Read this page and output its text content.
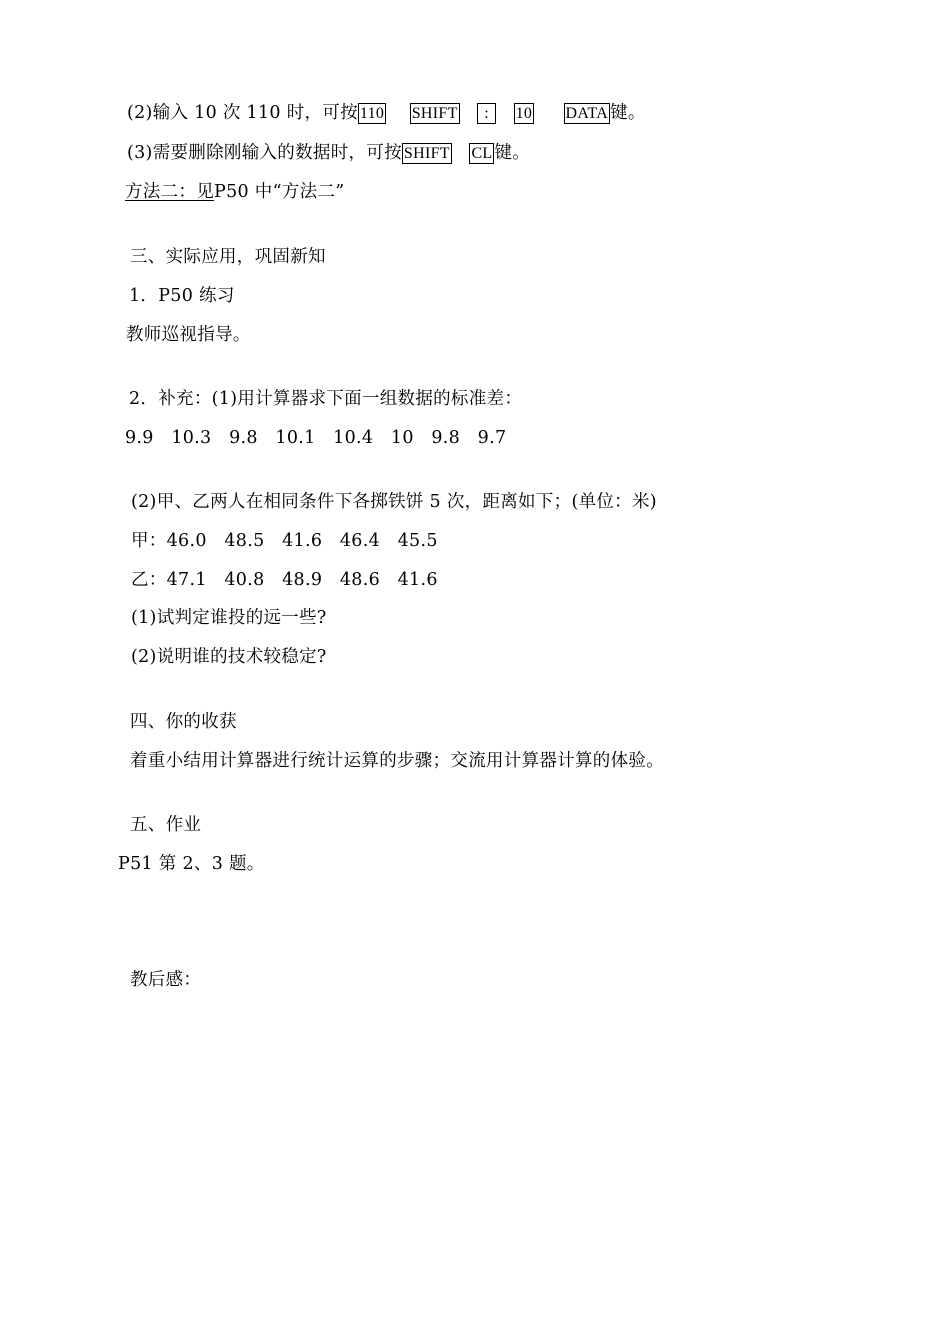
(2)输入 10 次 110 时，可按 110 SHIFT : 10 DATA 键。
(3)需要删除刚输入的数据时，可按 SHIFT CL 键。
方法二：见P50 中“方法二”
三、实际应用，巩固新知
1．P50 练习
教师巡视指导。
2．补充：(1)用计算器求下面一组数据的标准差：
9.9   10.3   9.8   10.1   10.4   10   9.8   9.7
(2)甲、乙两人在相同条件下各掷铁饼 5 次，距离如下；(单位：米)
甲：46.0   48.5   41.6   46.4   45.5
乙：47.1   40.8   48.9   48.6   41.6
(1)试判定谁投的远一些?
(2)说明谁的技术较稳定?
四、你的收获
着重小结用计算器进行统计运算的步骤；交流用计算器计算的体验。
五、作业
P51 第 2、3 题。
教后感：
